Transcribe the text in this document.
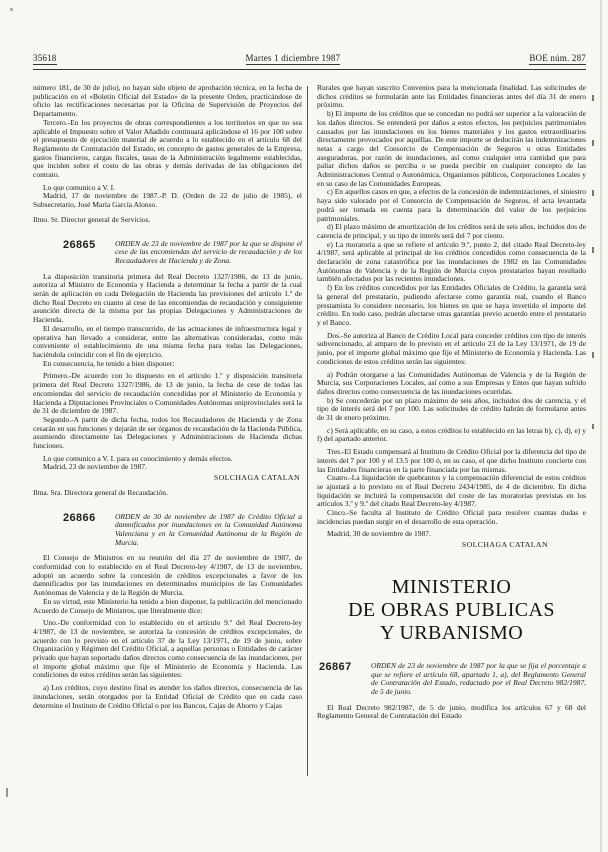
35618	Martes 1 diciembre 1987	BOE núm. 287

número 181, de 30 de julio), no hayan sido objeto de aprobación técnica, en la fecha de publicación en el «Boletín Oficial del Estado» de la presente Orden, practicándose de oficio las rectificaciones necesarias por la Oficina de Supervisión de Proyectos del Departamento.

Tercero.-En los proyectos de obras correspondientes a los territorios en que no sea aplicable el Impuesto sobre el Valor Añadido continuará aplicándose el 16 por 100 sobre el presupuesto de ejecución material de acuerdo a lo establecido en el artículo 68 del Reglamento de Contratación del Estado, en concepto de gastos generales de la Empresa, gastos financieros, cargas fiscales, tasas de la Administración legalmente establecidas, que inciden sobre el costo de las obras y demás derivadas de las obligaciones del contrato.

Lo que comunico a V. I.

Madrid, 17 de noviembre de 1987.-P. D. (Orden de 22 de julio de 1985), el Subsecretario, José María García Alonso.

Ilmo. Sr. Director general de Servicios.

26865	ORDEN de 23 de noviembre de 1987 por la que se dispone el cese de las encomiendas del servicio de recaudación y de los Recaudadores de Hacienda y de Zona.

La disposición transitoria primera del Real Decreto 1327/1986, de 13 de junio, autoriza al Ministro de Economía y Hacienda a determinar la fecha a partir de la cual serán de aplicación en cada Delegación de Hacienda las previsiones del artículo 1.º de dicho Real Decreto en cuanto al cese de las encomiendas de recaudación y consiguiente asunción directa de la misma por las propias Delegaciones y Administraciones de Hacienda.

El desarrollo, en el tiempo transcurrido, de las actuaciones de infraestructura legal y operativa han llevado a considerar, entre las alternativas consideradas, como más conveniente el establecimiento de una misma fecha para todas las Delegaciones, haciéndola coincidir con el fin de ejercicio.

En consecuencia, he tenido a bien disponer:

Primero.-De acuerdo con lo dispuesto en el artículo 1.º y disposición transitoria primera del Real Decreto 1327/1986, de 13 de junio, la fecha de cese de todas las encomiendas del servicio de recaudación concedidas por el Ministerio de Economía y Hacienda a Diputaciones Provinciales o Comunidades Autónomas uniprovinciales será la de 31 de diciembre de 1987.

Segundo.-A partir de dicha fecha, todos los Recaudadores de Hacienda y de Zona cesarán en sus funciones y dejarán de ser órganos de recaudación de la Hacienda Pública, asumiendo directamente las Delegaciones y Administraciones de Hacienda dichas funciones.

Lo que comunico a V. I. para su conocimiento y demás efectos.

Madrid, 23 de noviembre de 1987.

SOLCHAGA CATALAN

Ilma. Sra. Directora general de Recaudación.

26866	ORDEN de 30 de noviembre de 1987 de Crédito Oficial a damnificados por inundaciones en la Comunidad Autónoma Valenciana y en la Comunidad Autónoma de la Región de Murcia.

El Consejo de Ministros en su reunión del día 27 de noviembre de 1987, de conformidad con lo establecido en el Real Decreto-ley 4/1987, de 13 de noviembre, adoptó un acuerdo sobre la concesión de créditos excepcionales a favor de los damnificados por las inundaciones en determinados municipios de las Comunidades Autónomas de Valencia y de la Región de Murcia.

En su virtud, este Ministerio ha tenido a bien disponer, la publicación del mencionado Acuerdo de Consejo de Ministros, que literalmente dice:

Uno.-De conformidad con lo establecido en el artículo 9.º del Real Decreto-ley 4/1987, de 13 de noviembre, se autoriza la concesión de créditos excepcionales, de acuerdo con lo previsto en el artículo 37 de la Ley 13/1971, de 19 de junio, sobre Organización y Régimen del Crédito Oficial, a aquellas personas o Entidades de carácter privado que hayan soportado daños directos como consecuencia de las inundaciones, por el importe global máximo que fije el Ministerio de Economía y Hacienda. Las condiciones de estos créditos serán las siguientes:

a) Los créditos, cuyo destino final es atender los daños directos, consecuencia de las inundaciones, serán otorgados por la Entidad Oficial de Crédito que en cada caso determine el Instituto de Crédito Oficial o por los Bancos, Cajas de Ahorro y Cajas

Rurales que hayan suscrito Convenios para la mencionada finalidad. Las solicitudes de dichos créditos se formularán ante las Entidades financieras antes del día 31 de enero próximo.

b) El importe de los créditos que se concedan no podrá ser superior a la valoración de los daños directos. Se entenderá por daños a estos efectos, los perjuicios patrimoniales causados por las inundaciones en los bienes materiales y los gastos extraordinarios directamente provocados por aquéllas. De este importe se deducirán las indemnizaciones netas a cargo del Consorcio de Compensación de Seguros u otras Entidades aseguradoras, por razón de inundaciones, así como cualquier otra cantidad que para paliar dichos daños se perciba o se pueda percibir en cualquier concepto de las Administraciones Central o Autonómica, Organismos públicos, Corporaciones Locales y en su caso de las Comunidades Europeas.

c) En aquellos casos en que, a efectos de la concesión de indemnizaciones, el siniestro haya sido valorado por el Consorcio de Compensación de Seguros, el acta levantada podrá ser tomada en cuenta para la determinación del valor de los perjuicios patrimoniales.

d) El plazo máximo de amortización de los créditos será de seis años, incluidos dos de carencia de principal, y su tipo de interés será del 7 por ciento.

e) La moratoria a que se refiere el artículo 9.º, punto 2, del citado Real Decreto-ley 4/1987, será aplicable al principal de los créditos concedidos como consecuencia de la declaración de zona catastrófica por las inundaciones de 1982 en las Comunidades Autónomas de Valencia y de la Región de Murcia cuyos prestatarios hayan resultado también afectados por las recientes inundaciones.

f) En los créditos concedidos por las Entidades Oficiales de Crédito, la garantía será la general del prestatario, pudiendo afectarse como garantía real, cuando el Banco prestamista lo considere necesario, los bienes en que se haya invertido el importe del crédito. En todo caso, podrán afectarse otras garantías previo acuerdo entre el prestatario y el Banco.

Dos.-Se autoriza al Banco de Crédito Local para conceder créditos con tipo de interés subvencionado, al amparo de lo previsto en el artículo 23 de la Ley 13/1971, de 19 de junio, por el importe global máximo que fije el Ministerio de Economía y Hacienda. Las condiciones de estos créditos serán las siguientes:

a) Podrán otorgarse a las Comunidades Autónomas de Valencia y de la Región de Murcia, sus Corporaciones Locales, así como a sus Empresas y Entes que hayan sufrido daños directos como consecuencia de las inundaciones ocurridas.

b) Se concederán por un plazo máximo de seis años, incluidos dos de carencia, y el tipo de interés será del 7 por 100. Las solicitudes de crédito habrán de formularse antes de 31 de enero próximo.

c) Será aplicable, en su caso, a estos créditos lo establecido en las letras b), c), d), e) y f) del apartado anterior.

Tres.-El Estado compensará al Instituto de Crédito Oficial por la diferencia del tipo de interés del 7 por 100 y el 13.5 por 100 ó, en su caso, el que dicho Instituto concierte con las Entidades financieras en la parte financiada por las mismas.

Cuatro.-La liquidación de quebrantos y la compensación diferencial de estos créditos se ajustará a lo previsto en el Real Decreto 2434/1985, de 4 de diciembre. En dicha liquidación se incluirá la compensación del coste de las moratorias previstas en los artículos 3.º y 9.º del citado Real Decreto-ley 4/1987.

Cinco.-Se faculta al Instituto de Crédito Oficial para resolver cuantas dudas e incidencias puedan surgir en el desarrollo de esta operación.

Madrid, 30 de noviembre de 1987.

SOLCHAGA CATALAN

MINISTERIO
DE OBRAS PUBLICAS
Y URBANISMO
26867	ORDEN de 23 de noviembre de 1987 por la que se fija el porcentaje a que se refiere el artículo 68, apartado 1, a), del Reglamento General de Contratación del Estado, redactado por el Real Decreto 982/1987, de 5 de junio.

El Real Decreto 982/1987, de 5 de junio, modifica los artículos 67 y 68 del Reglamento General de Contratación del Estado
